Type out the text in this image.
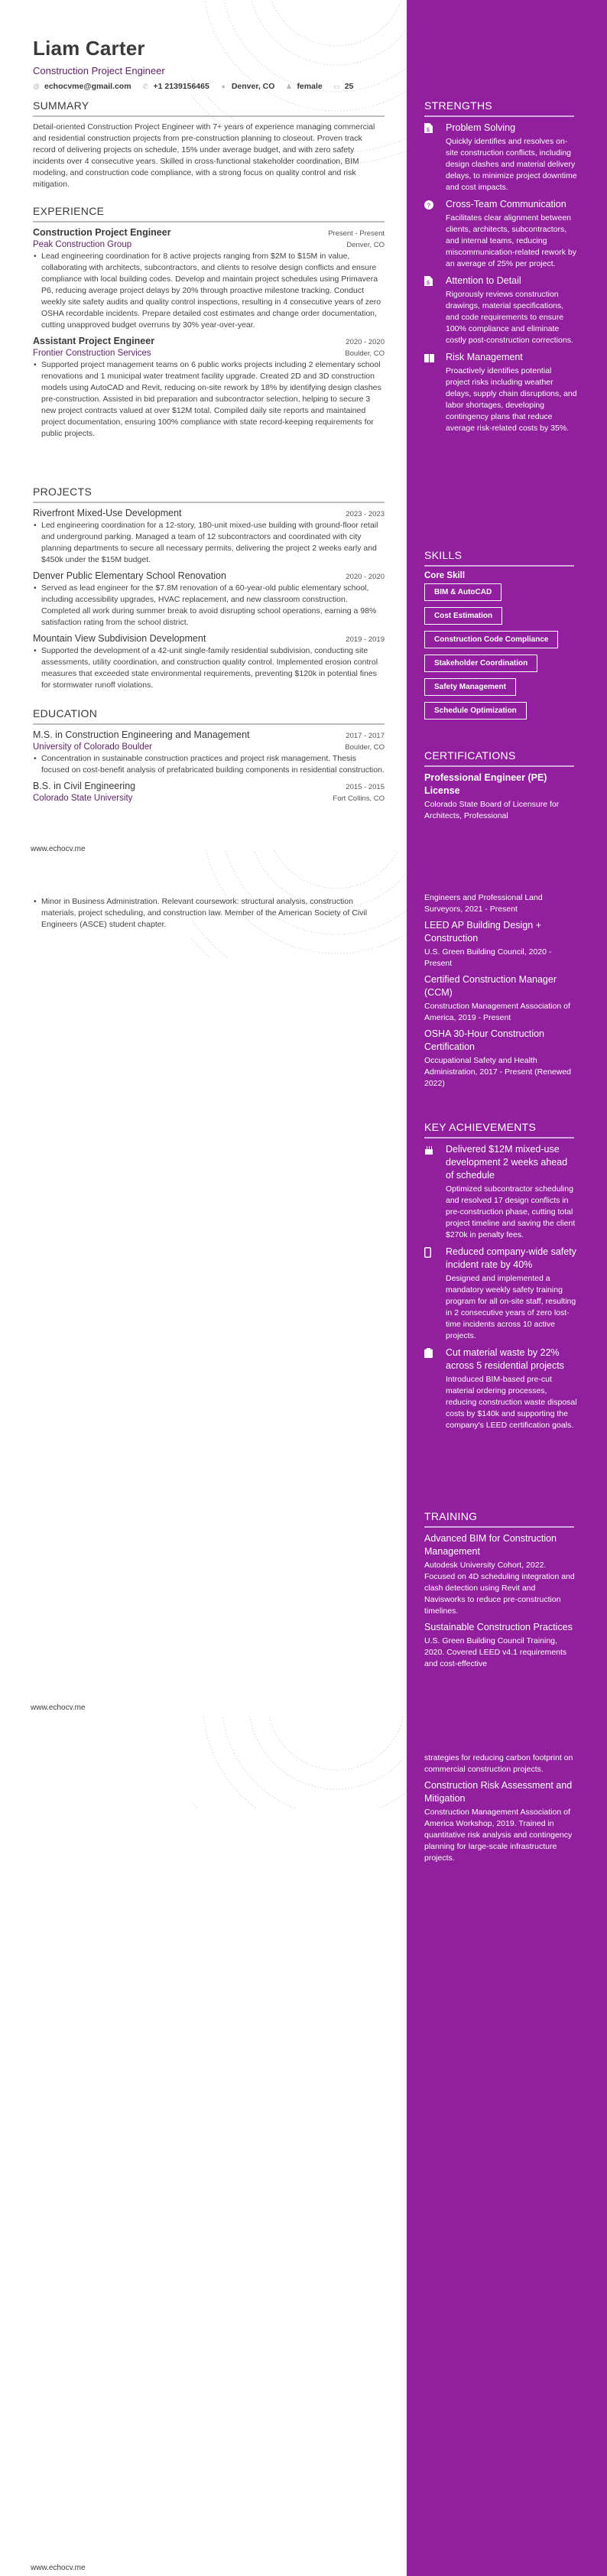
Liam Carter
Construction Project Engineer
@ echocvme@gmail.com ✆ +1 2139156465 ● Denver, CO ♟ female ▭ 25
SUMMARY
Detail-oriented Construction Project Engineer with 7+ years of experience managing commercial and residential construction projects from pre-construction planning to closeout. Proven track record of delivering projects on schedule, 15% under average budget, and with zero safety incidents over 4 consecutive years. Skilled in cross-functional stakeholder coordination, BIM modeling, and construction code compliance, with a strong focus on quality control and risk mitigation.
EXPERIENCE
Construction Project Engineer	Present - Present
Peak Construction Group	Denver, CO
• Lead engineering coordination for 8 active projects ranging from $2M to $15M in value, collaborating with architects, subcontractors, and clients to resolve design conflicts and ensure compliance with local building codes. Develop and maintain project schedules using Primavera P6, reducing average project delays by 20% through proactive milestone tracking. Conduct weekly site safety audits and quality control inspections, resulting in 4 consecutive years of zero OSHA recordable incidents. Prepare detailed cost estimates and change order documentation, cutting unapproved budget overruns by 30% year-over-year.
Assistant Project Engineer	2020 - 2020
Frontier Construction Services	Boulder, CO
• Supported project management teams on 6 public works projects including 2 elementary school renovations and 1 municipal water treatment facility upgrade. Created 2D and 3D construction models using AutoCAD and Revit, reducing on-site rework by 18% by identifying design clashes pre-construction. Assisted in bid preparation and subcontractor selection, helping to secure 3 new project contracts valued at over $12M total. Compiled daily site reports and maintained project documentation, ensuring 100% compliance with state record-keeping requirements for public projects.
PROJECTS
Riverfront Mixed-Use Development	2023 - 2023
• Led engineering coordination for a 12-story, 180-unit mixed-use building with ground-floor retail and underground parking. Managed a team of 12 subcontractors and coordinated with city planning departments to secure all necessary permits, delivering the project 2 weeks early and $450k under the $15M budget.
Denver Public Elementary School Renovation	2020 - 2020
• Served as lead engineer for the $7.8M renovation of a 60-year-old public elementary school, including accessibility upgrades, HVAC replacement, and new classroom construction. Completed all work during summer break to avoid disrupting school operations, earning a 98% satisfaction rating from the school district.
Mountain View Subdivision Development	2019 - 2019
• Supported the development of a 42-unit single-family residential subdivision, conducting site assessments, utility coordination, and construction quality control. Implemented erosion control measures that exceeded state environmental requirements, preventing $120k in potential fines for stormwater runoff violations.
EDUCATION
M.S. in Construction Engineering and Management	2017 - 2017
University of Colorado Boulder	Boulder, CO
• Concentration in sustainable construction practices and project risk management. Thesis focused on cost-benefit analysis of prefabricated building components in residential construction.
B.S. in Civil Engineering	2015 - 2015
Colorado State University	Fort Collins, CO
www.echocv.me
• Minor in Business Administration. Relevant coursework: structural analysis, construction materials, project scheduling, and construction law. Member of the American Society of Civil Engineers (ASCE) student chapter.
www.echocv.me
www.echocv.me
STRENGTHS
$ Problem Solving
Quickly identifies and resolves on-site construction conflicts, including design clashes and material delivery delays, to minimize project downtime and cost impacts.
? Cross-Team Communication
Facilitates clear alignment between clients, architects, subcontractors, and internal teams, reducing miscommunication-related rework by an average of 25% per project.
$ Attention to Detail
Rigorously reviews construction drawings, material specifications, and code requirements to ensure 100% compliance and eliminate costly post-construction corrections.
Risk Management
Proactively identifies potential project risks including weather delays, supply chain disruptions, and labor shortages, developing contingency plans that reduce average risk-related costs by 35%.
SKILLS
Core Skill
BIM & AutoCAD
Cost Estimation
Construction Code Compliance
Stakeholder Coordination
Safety Management
Schedule Optimization
CERTIFICATIONS
Professional Engineer (PE) License
Colorado State Board of Licensure for Architects, Professional
Engineers and Professional Land Surveyors, 2021 - Present
LEED AP Building Design + Construction
U.S. Green Building Council, 2020 - Present
Certified Construction Manager (CCM)
Construction Management Association of America, 2019 - Present
OSHA 30-Hour Construction Certification
Occupational Safety and Health Administration, 2017 - Present (Renewed 2022)
KEY ACHIEVEMENTS
Delivered $12M mixed-use development 2 weeks ahead of schedule
Optimized subcontractor scheduling and resolved 17 design conflicts in pre-construction phase, cutting total project timeline and saving the client $270k in penalty fees.
Reduced company-wide safety incident rate by 40%
Designed and implemented a mandatory weekly safety training program for all on-site staff, resulting in 2 consecutive years of zero lost-time incidents across 10 active projects.
Cut material waste by 22% across 5 residential projects
Introduced BIM-based pre-cut material ordering processes, reducing construction waste disposal costs by $140k and supporting the company's LEED certification goals.
TRAINING
Advanced BIM for Construction Management
Autodesk University Cohort, 2022. Focused on 4D scheduling integration and clash detection using Revit and Navisworks to reduce pre-construction timelines.
Sustainable Construction Practices
U.S. Green Building Council Training, 2020. Covered LEED v4.1 requirements and cost-effective
strategies for reducing carbon footprint on commercial construction projects.
Construction Risk Assessment and Mitigation
Construction Management Association of America Workshop, 2019. Trained in quantitative risk analysis and contingency planning for large-scale infrastructure projects.
